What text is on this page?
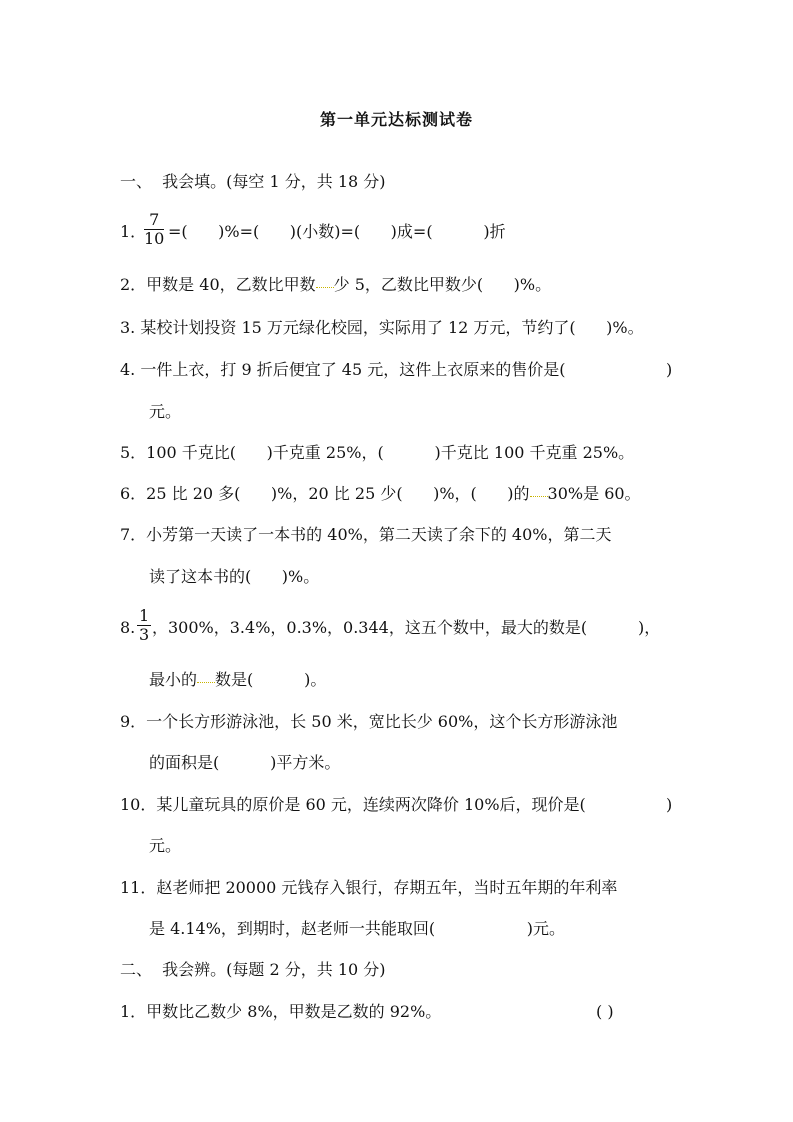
第一单元达标测试卷
一、  我会填。(每空 1 分，共 18 分)
1．
$\frac{7}{10}$ =(      )%=(      )(小数)=(      )成=(          )折
2．甲数是 40，乙数比甲数 少 5，乙数比甲数少(      )%。
3. 某校计划投资 15 万元绿化校园，实际用了 12 万元，节约了(      )%。
4. 一件上衣，打 9 折后便宜了 45 元，这件上衣原来的售价是(	)
元。
5．100 千克比(      )千克重 25%，(          )千克比 100 千克重 25%。
6．25 比 20 多(      )%，20 比 25 少(      )%，(      )的 30%是 60。
7．小芳第一天读了一本书的 40%，第二天读了余下的 40%，第二天
读了这本书的(      )%。
8. $\frac{1}{3}$ ，300%，3.4%，0.3%，0.344，这五个数中，最大的数是(          )，
最小的 数是(          )。
9．一个长方形游泳池，长 50 米，宽比长少 60%，这个长方形游泳池
的面积是(          )平方米。
10．某儿童玩具的原价是 60 元，连续两次降价 10%后，现价是(	)
元。
11．赵老师把 20000 元钱存入银行，存期五年，当时五年期的年利率
是 4.14%，到期时，赵老师一共能取回(                  )元。
二、  我会辨。(每题 2 分，共 10 分)
1．甲数比乙数少 8%，甲数是乙数的 92%。	( )
